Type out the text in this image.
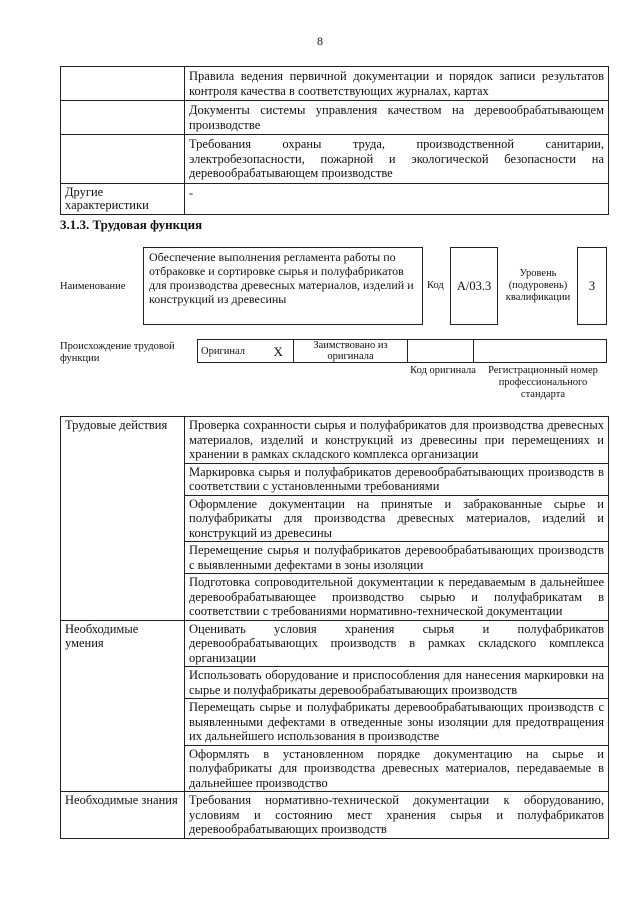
8
	Правила ведения первичной документации и порядок записи результатов контроля качества в соответствующих журналах, картах
	Документы системы управления качеством на деревообрабатывающем производстве
	Требования охраны труда, производственной санитарии, электробезопасности, пожарной и экологической безопасности на деревообрабатывающем производстве
Другие характеристики	-
3.1.3. Трудовая функция
Наименование
Обеспечение выполнения регламента работы по отбраковке и сортировке сырья и полуфабрикатов для производства древесных материалов, изделий и конструкций из древесины
Код	А/03.3
Уровень (подуровень) квалификации
3
Происхождение трудовой функции
Оригинал	X	Заимствовано из оригинала		
Код оригинала	Регистрационный номер профессионального стандарта
Трудовые действия	Проверка сохранности сырья и полуфабрикатов для производства древесных материалов, изделий и конструкций из древесины при перемещениях и хранении в рамках складского комплекса организации
	Маркировка сырья и полуфабрикатов деревообрабатывающих производств в соответствии с установленными требованиями
	Оформление документации на принятые и забракованные сырье и полуфабрикаты для производства древесных материалов, изделий и конструкций из древесины
	Перемещение сырья и полуфабрикатов деревообрабатывающих производств с выявленными дефектами в зоны изоляции
	Подготовка сопроводительной документации к передаваемым в дальнейшее деревообрабатывающее производство сырью и полуфабрикатам в соответствии с требованиями нормативно-технической документации
Необходимые умения	Оценивать условия хранения сырья и полуфабрикатов деревообрабатывающих производств в рамках складского комплекса организации
	Использовать оборудование и приспособления для нанесения маркировки на сырье и полуфабрикаты деревообрабатывающих производств
	Перемещать сырье и полуфабрикаты деревообрабатывающих производств с выявленными дефектами в отведенные зоны изоляции для предотвращения их дальнейшего использования в производстве
	Оформлять в установленном порядке документацию на сырье и полуфабрикаты для производства древесных материалов, передаваемые в дальнейшее производство
Необходимые знания	Требования нормативно-технической документации к оборудованию, условиям и состоянию мест хранения сырья и полуфабрикатов деревообрабатывающих производств
